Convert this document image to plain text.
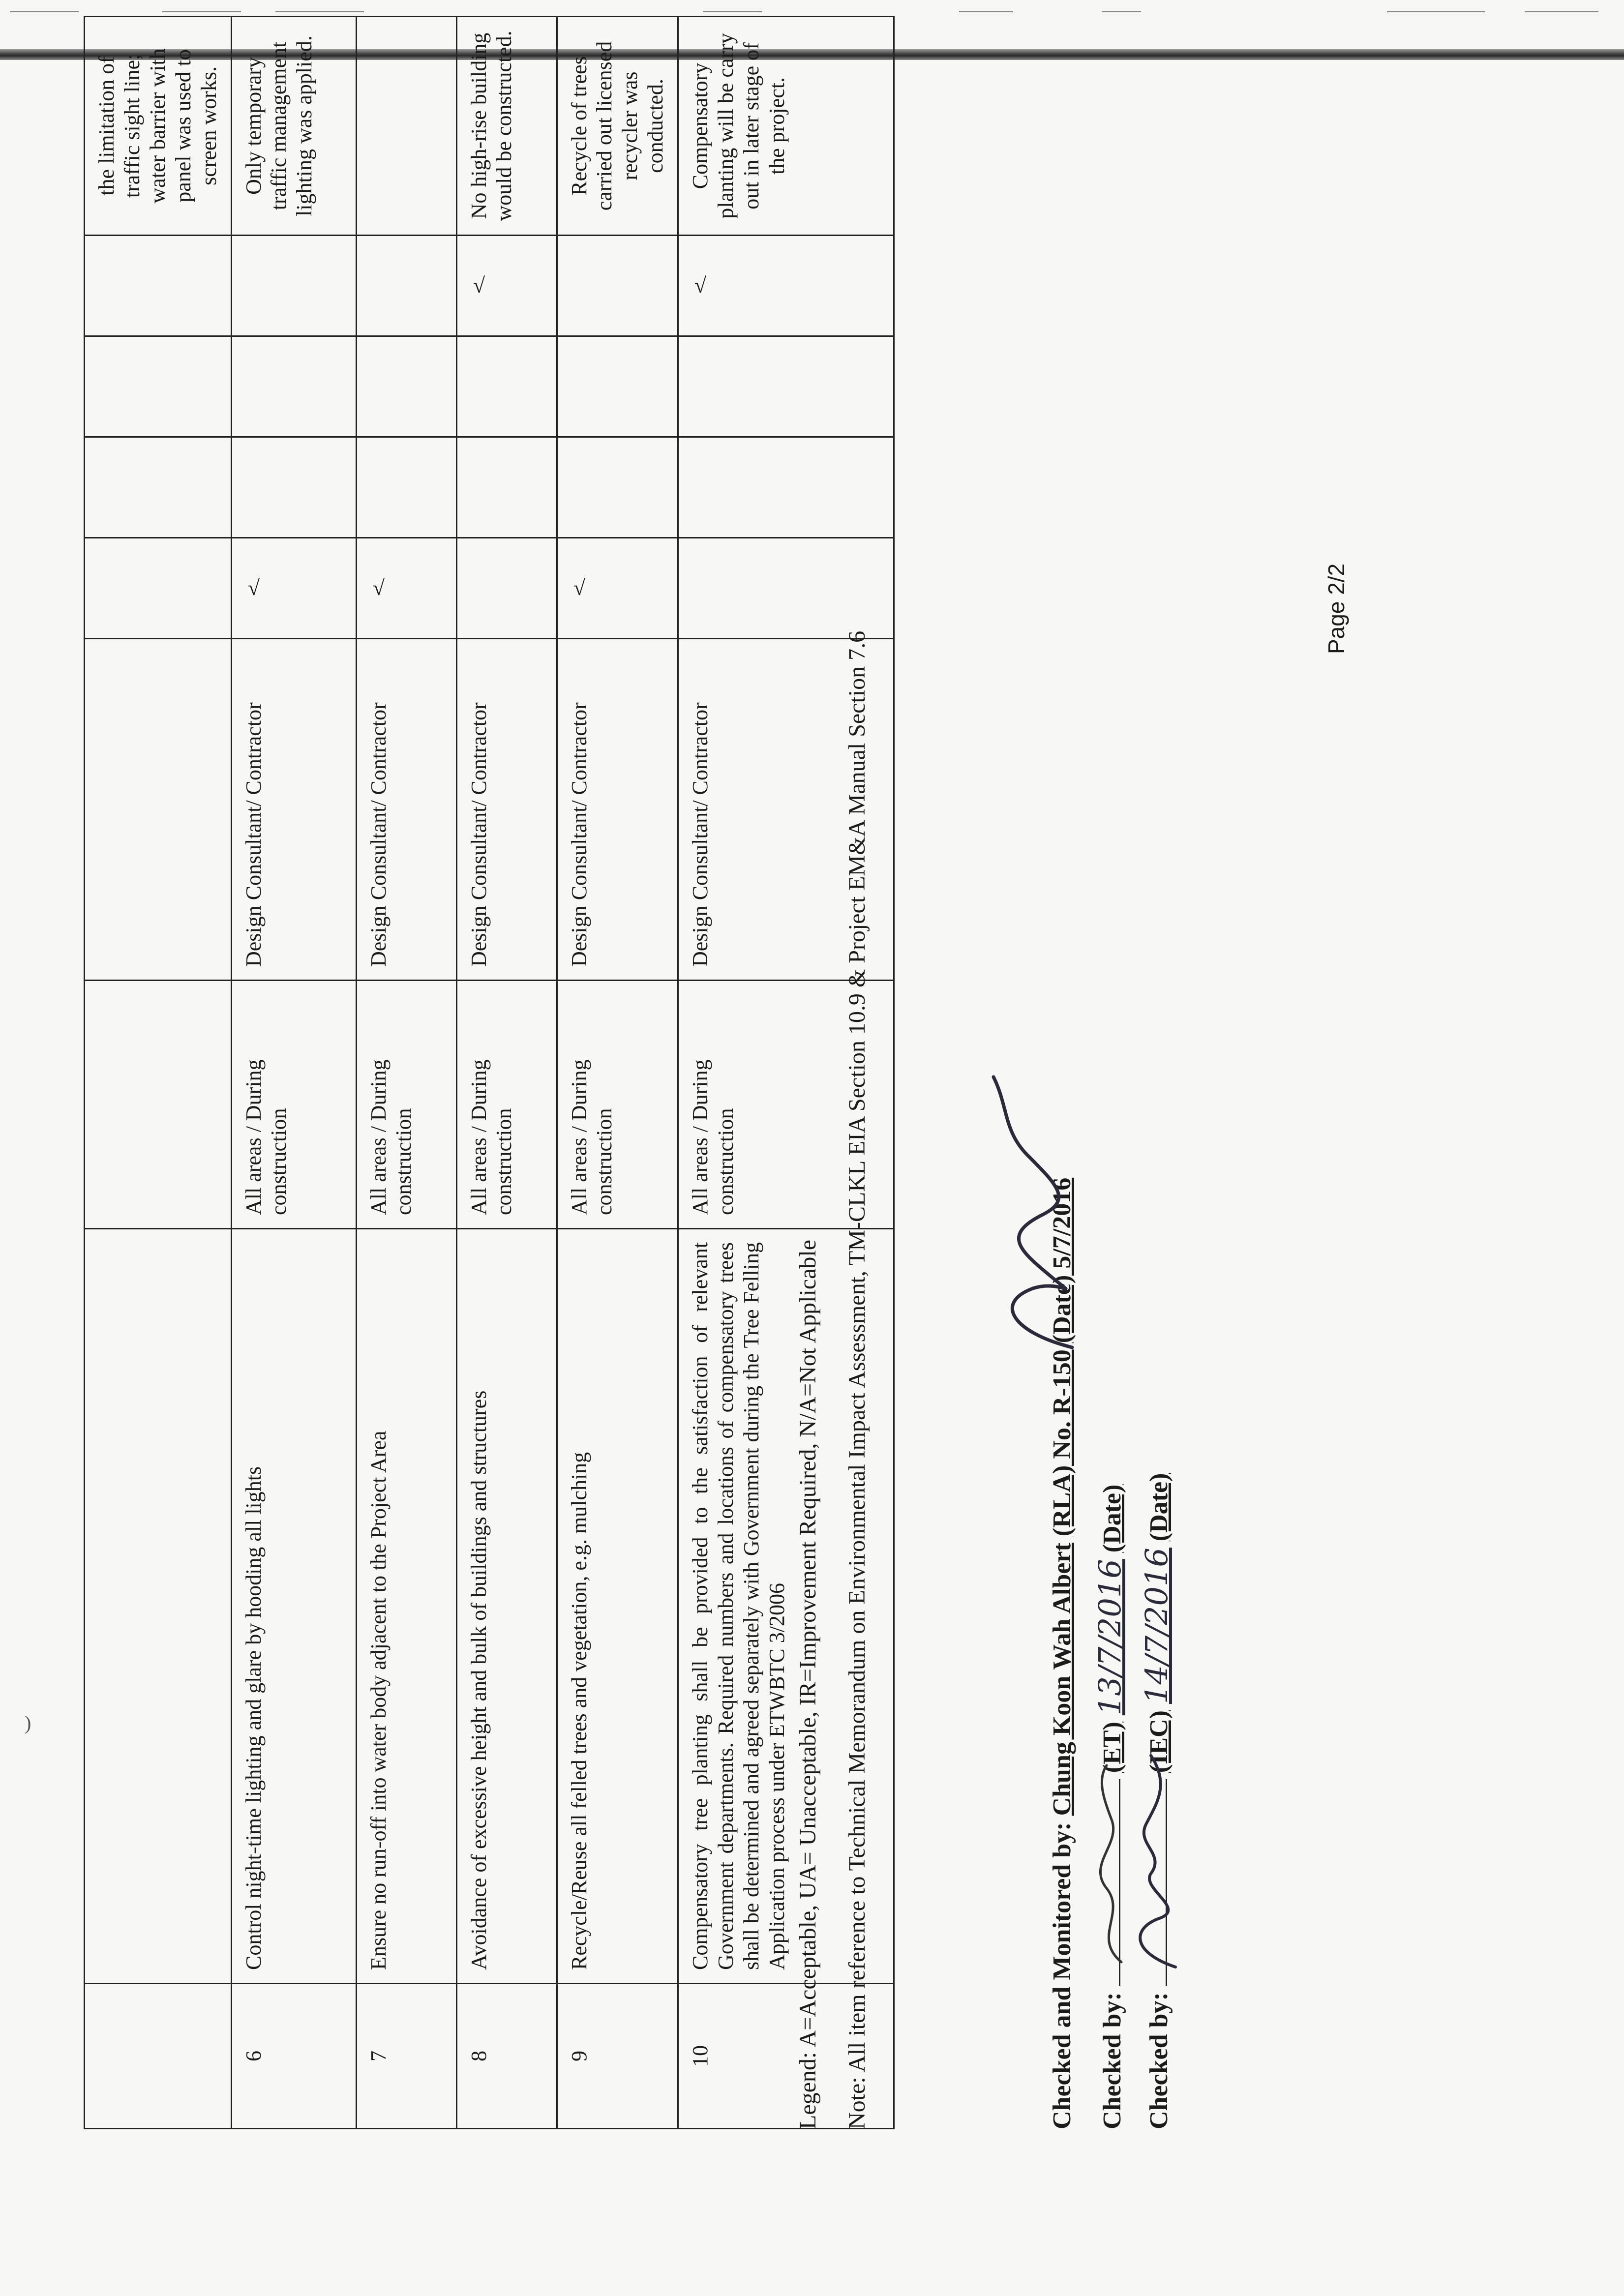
)
								the limitation of traffic sight line; water barrier with panel was used to screen works.
6	Control night-time lighting and glare by hooding all lights	All areas / During construction	Design Consultant/ Contractor	√				Only temporary traffic management lighting was applied.
7	Ensure no run-off into water body adjacent to the Project Area	All areas / During construction	Design Consultant/ Contractor	√				
8	Avoidance of excessive height and bulk of buildings and structures	All areas / During construction	Design Consultant/ Contractor				√	No high-rise building would be constructed.
9	Recycle/Reuse all felled trees and vegetation, e.g. mulching	All areas / During construction	Design Consultant/ Contractor	√				Recycle of trees carried out licensed recycler was conducted.
10	Compensatory tree planting shall be provided to the satisfaction of relevant Government departments. Required numbers and locations of compensatory trees shall be determined and agreed separately with Government during the Tree Felling Application process under ETWBTC 3/2006	All areas / During construction	Design Consultant/ Contractor				√	Compensatory planting will be carry out in later stage of the project.
Legend: A=Acceptable, UA= Unacceptable, IR=Improvement Required, N/A=Not Applicable Note: All item reference to Technical Memorandum on Environmental Impact Assessment, TM-CLKL EIA Section 10.9 & Project EM&A Manual Section 7.6	Checked and Monitored by: Chung Koon Wah Albert (RLA) No. R-150 (Date) 5/7/2016
Checked by:  (ET) 13/7/2016 (Date)
Checked by:  (IEC) 14/7/2016 (Date)
Page 2/2
